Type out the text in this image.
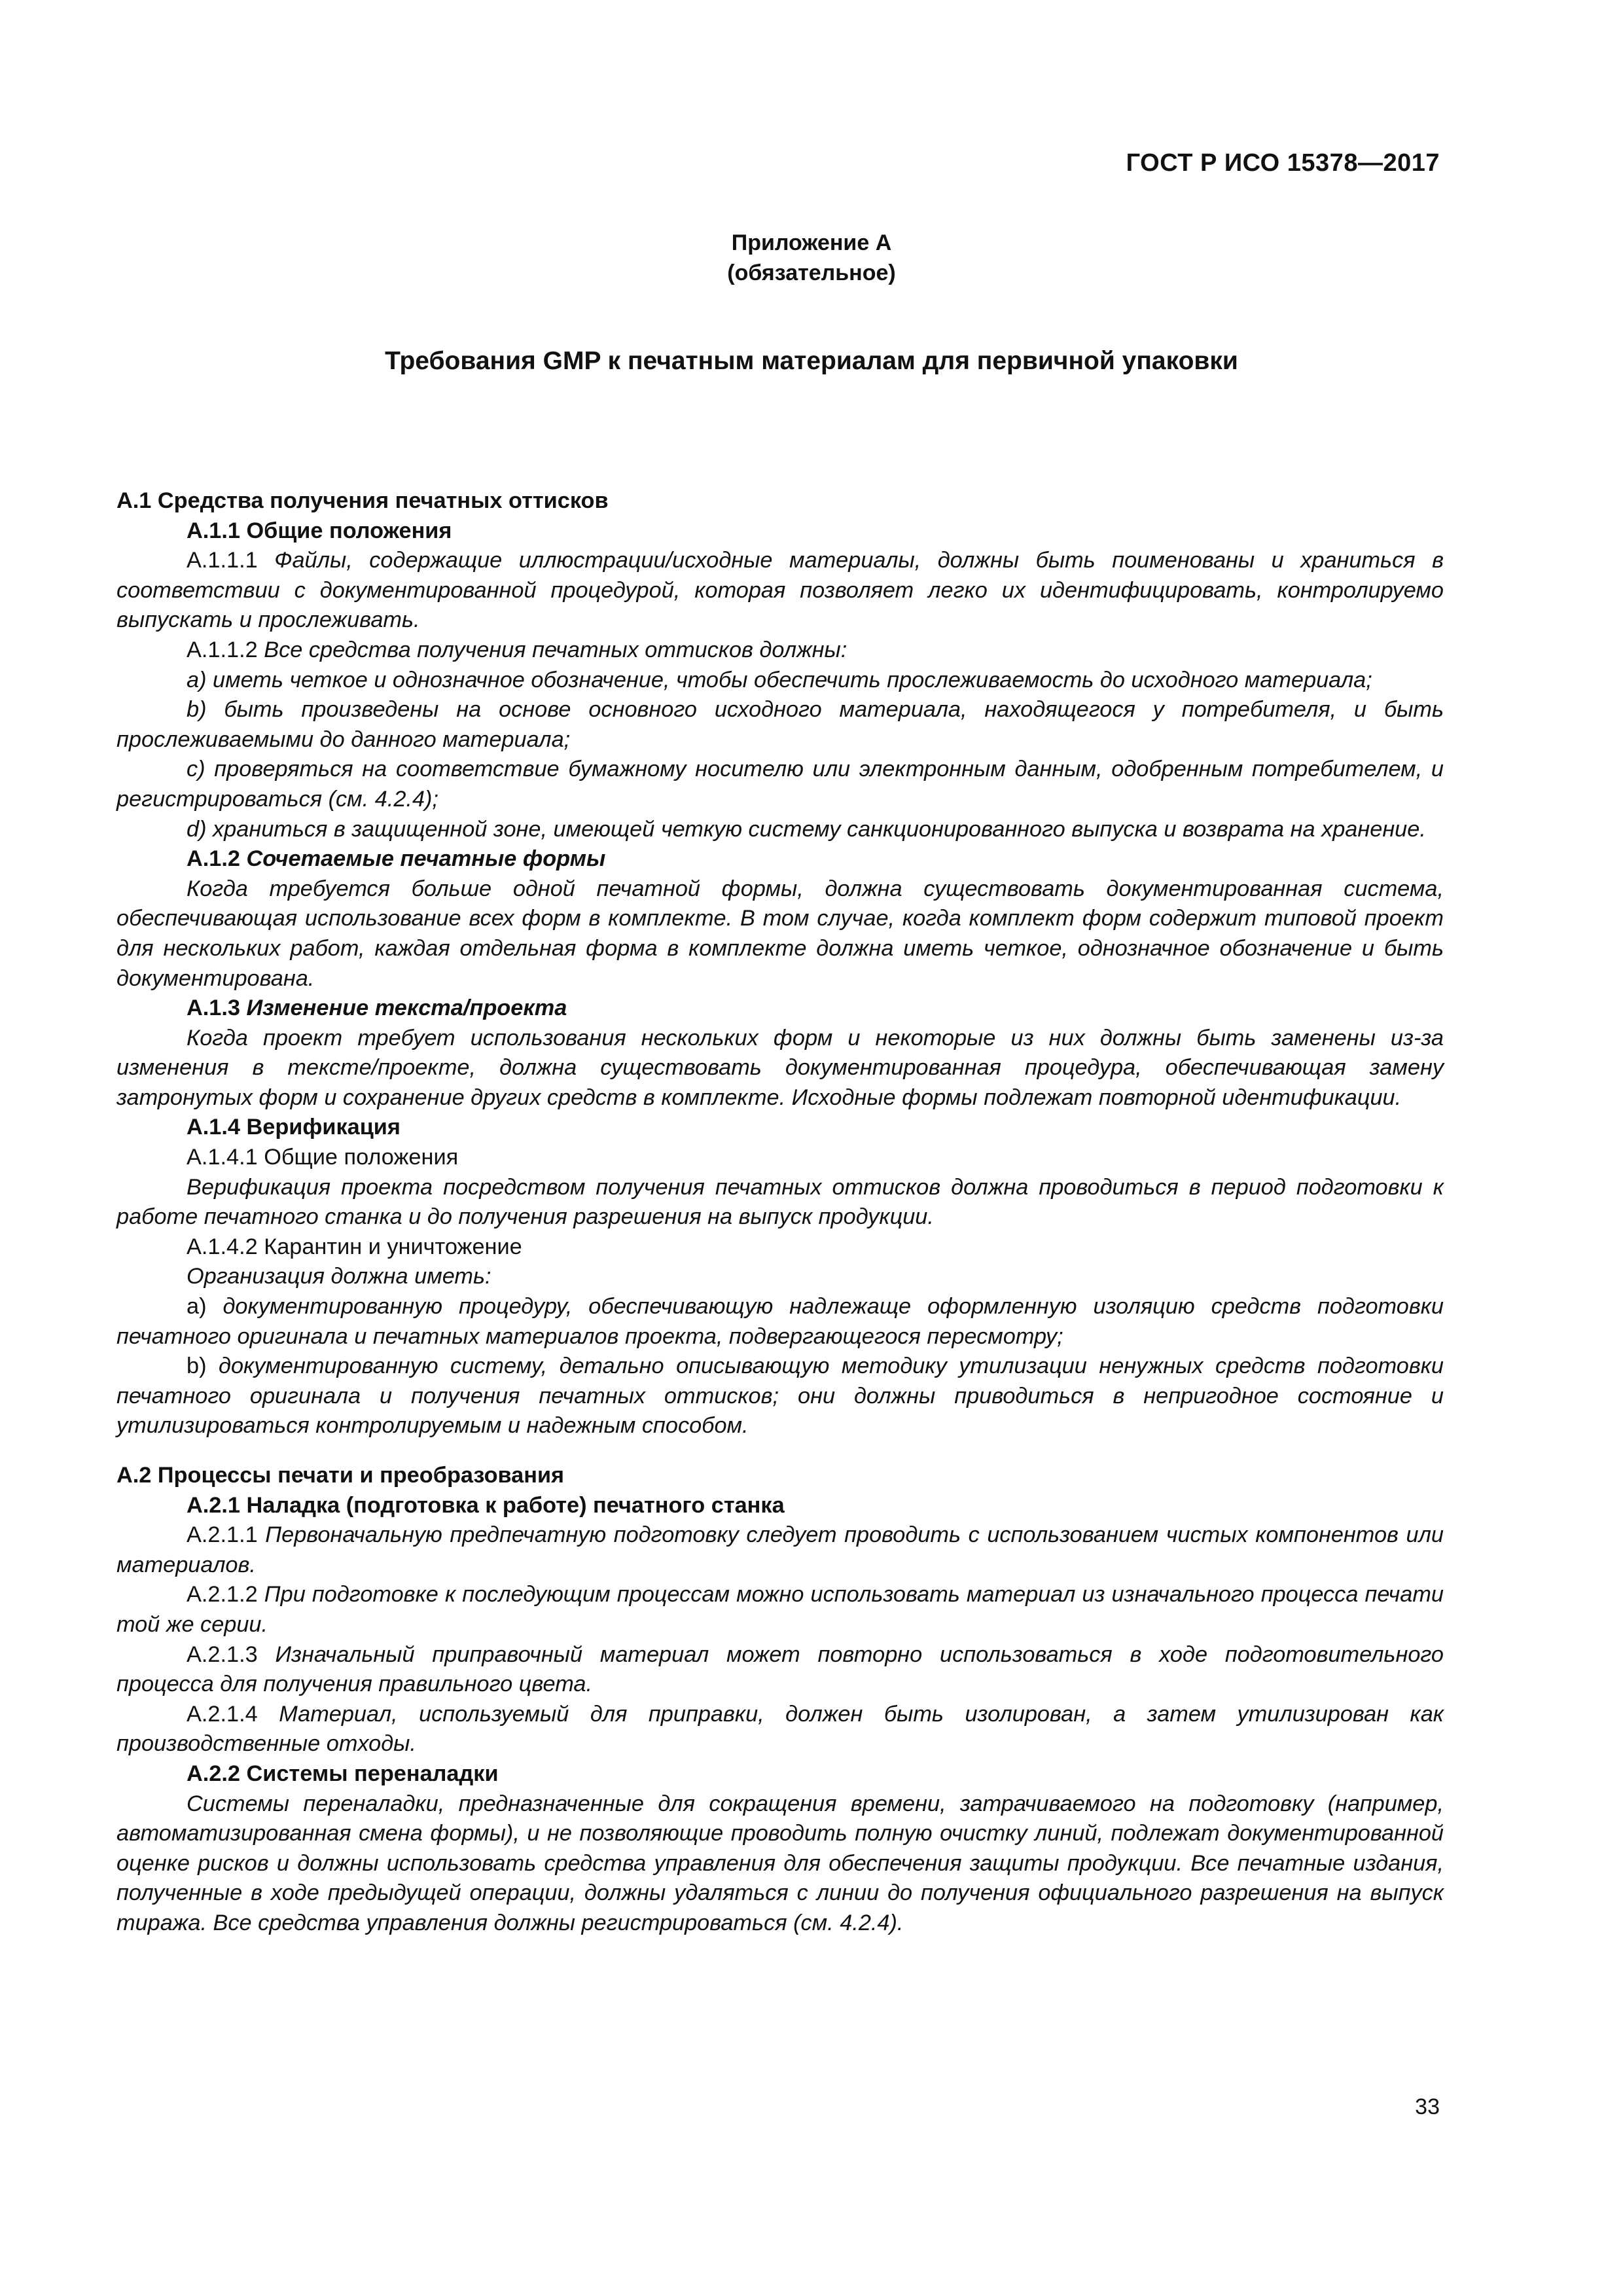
ГОСТ Р ИСО 15378—2017
Приложение А
(обязательное)
Требования GMP к печатным материалам для первичной упаковки

А.1 Средства получения печатных оттисков

А.1.1 Общие положения

А.1.1.1 Файлы, содержащие иллюстрации/исходные материалы, должны быть поименованы и храниться в соответствии с документированной процедурой, которая позволяет легко их идентифицировать, контролируемо выпускать и прослеживать.

А.1.1.2 Все средства получения печатных оттисков должны:

а) иметь четкое и однозначное обозначение, чтобы обеспечить прослеживаемость до исходного материала;

b) быть произведены на основе основного исходного материала, находящегося у потребителя, и быть прослеживаемыми до данного материала;

с) проверяться на соответствие бумажному носителю или электронным данным, одобренным потребителем, и регистрироваться (см. 4.2.4);

d) храниться в защищенной зоне, имеющей четкую систему санкционированного выпуска и возврата на хранение.

А.1.2 Сочетаемые печатные формы

Когда требуется больше одной печатной формы, должна существовать документированная система, обеспечивающая использование всех форм в комплекте. В том случае, когда комплект форм содержит типовой проект для нескольких работ, каждая отдельная форма в комплекте должна иметь четкое, однозначное обозначение и быть документирована.

А.1.3 Изменение текста/проекта

Когда проект требует использования нескольких форм и некоторые из них должны быть заменены из-за изменения в тексте/проекте, должна существовать документированная процедура, обеспечивающая замену затронутых форм и сохранение других средств в комплекте. Исходные формы подлежат повторной идентификации.

А.1.4 Верификация

А.1.4.1 Общие положения

Верификация проекта посредством получения печатных оттисков должна проводиться в период подготовки к работе печатного станка и до получения разрешения на выпуск продукции.

А.1.4.2 Карантин и уничтожение

Организация должна иметь:

а) документированную процедуру, обеспечивающую надлежаще оформленную изоляцию средств подготовки печатного оригинала и печатных материалов проекта, подвергающегося пересмотру;

b) документированную систему, детально описывающую методику утилизации ненужных средств подготовки печатного оригинала и получения печатных оттисков; они должны приводиться в непригодное состояние и утилизироваться контролируемым и надежным способом.

А.2 Процессы печати и преобразования

А.2.1 Наладка (подготовка к работе) печатного станка

А.2.1.1 Первоначальную предпечатную подготовку следует проводить с использованием чистых компонентов или материалов.

А.2.1.2 При подготовке к последующим процессам можно использовать материал из изначального процесса печати той же серии.

А.2.1.3 Изначальный приправочный материал может повторно использоваться в ходе подготовительного процесса для получения правильного цвета.

А.2.1.4 Материал, используемый для приправки, должен быть изолирован, а затем утилизирован как производственные отходы.

А.2.2 Системы переналадки

Системы переналадки, предназначенные для сокращения времени, затрачиваемого на подготовку (например, автоматизированная смена формы), и не позволяющие проводить полную очистку линий, подлежат документированной оценке рисков и должны использовать средства управления для обеспечения защиты продукции. Все печатные издания, полученные в ходе предыдущей операции, должны удаляться с линии до получения официального разрешения на выпуск тиража. Все средства управления должны регистрироваться (см. 4.2.4).

33
